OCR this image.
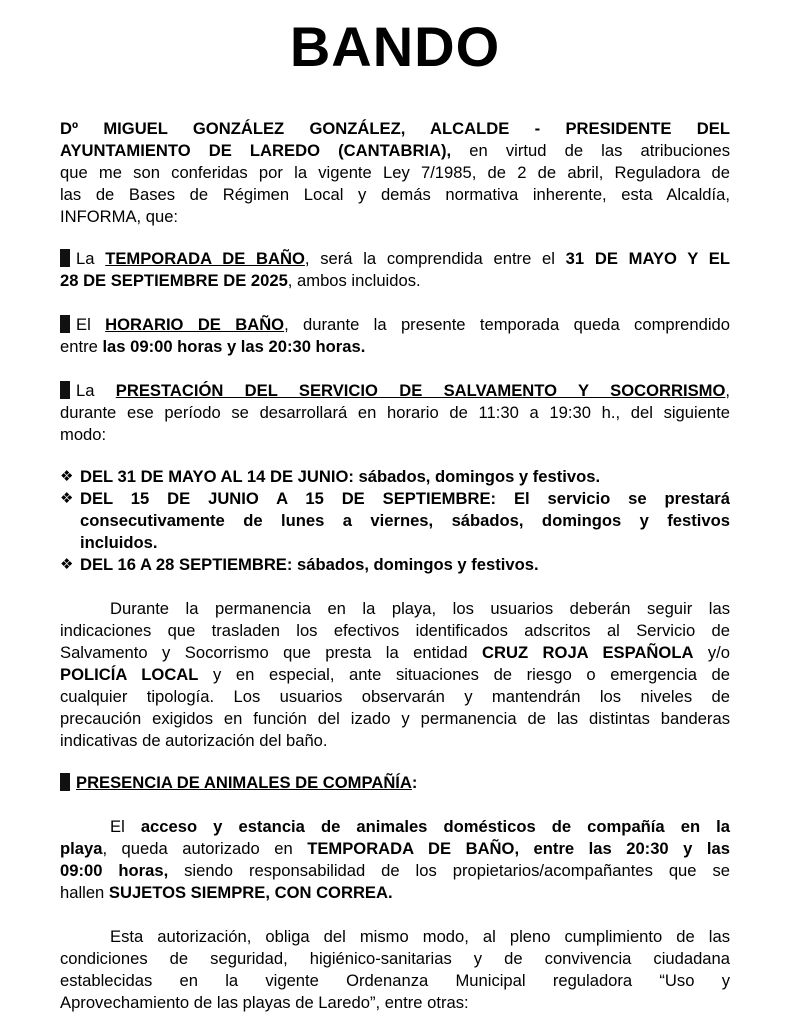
BANDO
Dº MIGUEL GONZÁLEZ GONZÁLEZ, ALCALDE - PRESIDENTE DEL
AYUNTAMIENTO DE LAREDO (CANTABRIA), en virtud de las atribuciones
que me son conferidas por la vigente Ley 7/1985, de 2 de abril, Reguladora de
las de Bases de Régimen Local y demás normativa inherente, esta Alcaldía,
INFORMA, que:
La TEMPORADA DE BAÑO, será la comprendida entre el 31 DE MAYO Y EL
28 DE SEPTIEMBRE DE 2025, ambos incluidos.
El HORARIO DE BAÑO, durante la presente temporada queda comprendido
entre las 09:00 horas y las 20:30 horas.
La PRESTACIÓN DEL SERVICIO DE SALVAMENTO Y SOCORRISMO,
durante ese período se desarrollará en horario de 11:30 a 19:30 h., del siguiente
modo:
❖ DEL 31 DE MAYO AL 14 DE JUNIO: sábados, domingos y festivos.
❖ DEL 15 DE JUNIO A 15 DE SEPTIEMBRE: El servicio se prestará
consecutivamente de lunes a viernes, sábados, domingos y festivos
incluidos.
❖ DEL 16 A 28 SEPTIEMBRE: sábados, domingos y festivos.
Durante la permanencia en la playa, los usuarios deberán seguir las
indicaciones que trasladen los efectivos identificados adscritos al Servicio de
Salvamento y Socorrismo que presta la entidad CRUZ ROJA ESPAÑOLA y/o
POLICÍA LOCAL y en especial, ante situaciones de riesgo o emergencia de
cualquier tipología. Los usuarios observarán y mantendrán los niveles de
precaución exigidos en función del izado y permanencia de las distintas banderas
indicativas de autorización del baño.
PRESENCIA DE ANIMALES DE COMPAÑÍA:
El acceso y estancia de animales domésticos de compañía en la
playa, queda autorizado en TEMPORADA DE BAÑO, entre las 20:30 y las
09:00 horas, siendo responsabilidad de los propietarios/acompañantes que se
hallen SUJETOS SIEMPRE, CON CORREA.
Esta autorización, obliga del mismo modo, al pleno cumplimiento de las
condiciones de seguridad, higiénico-sanitarias y de convivencia ciudadana
establecidas en la vigente Ordenanza Municipal reguladora “Uso y
Aprovechamiento de las playas de Laredo”, entre otras:
